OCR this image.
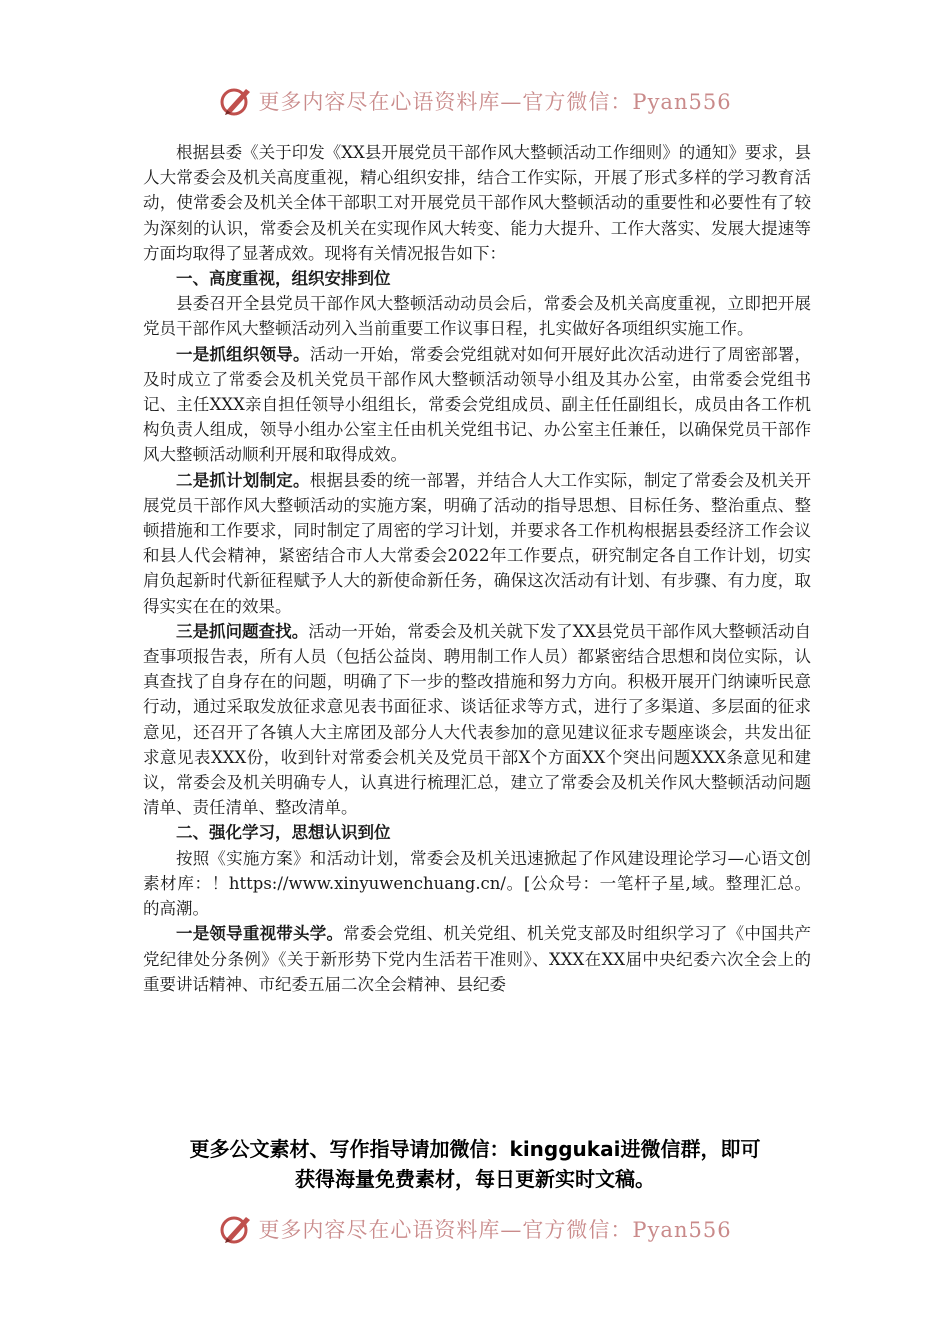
更多内容尽在心语资料库—官方微信：Pyan556

根据县委《关于印发《XX县开展党员干部作风大整顿活动工作细则》的通知》要求，县人大常委会及机关高度重视，精心组织安排，结合工作实际，开展了形式多样的学习教育活动，使常委会及机关全体干部职工对开展党员干部作风大整顿活动的重要性和必要性有了较为深刻的认识，常委会及机关在实现作风大转变、能力大提升、工作大落实、发展大提速等方面均取得了显著成效。现将有关情况报告如下：

一、高度重视，组织安排到位

县委召开全县党员干部作风大整顿活动动员会后，常委会及机关高度重视，立即把开展党员干部作风大整顿活动列入当前重要工作议事日程，扎实做好各项组织实施工作。

一是抓组织领导。活动一开始，常委会党组就对如何开展好此次活动进行了周密部署，及时成立了常委会及机关党员干部作风大整顿活动领导小组及其办公室，由常委会党组书记、主任XXX亲自担任领导小组组长，常委会党组成员、副主任任副组长，成员由各工作机构负责人组成，领导小组办公室主任由机关党组书记、办公室主任兼任，以确保党员干部作风大整顿活动顺利开展和取得成效。

二是抓计划制定。根据县委的统一部署，并结合人大工作实际，制定了常委会及机关开展党员干部作风大整顿活动的实施方案，明确了活动的指导思想、目标任务、整治重点、整顿措施和工作要求，同时制定了周密的学习计划，并要求各工作机构根据县委经济工作会议和县人代会精神，紧密结合市人大常委会2022年工作要点，研究制定各自工作计划，切实肩负起新时代新征程赋予人大的新使命新任务，确保这次活动有计划、有步骤、有力度，取得实实在在的效果。

三是抓问题查找。活动一开始，常委会及机关就下发了XX县党员干部作风大整顿活动自查事项报告表，所有人员（包括公益岗、聘用制工作人员）都紧密结合思想和岗位实际，认真查找了自身存在的问题，明确了下一步的整改措施和努力方向。积极开展开门纳谏听民意行动，通过采取发放征求意见表书面征求、谈话征求等方式，进行了多渠道、多层面的征求意见，还召开了各镇人大主席团及部分人大代表参加的意见建议征求专题座谈会，共发出征求意见表XXX份，收到针对常委会机关及党员干部X个方面XX个突出问题XXX条意见和建议，常委会及机关明确专人，认真进行梳理汇总，建立了常委会及机关作风大整顿活动问题清单、责任清单、整改清单。

二、强化学习，思想认识到位

按照《实施方案》和活动计划，常委会及机关迅速掀起了作风建设理论学习—心语文创素材库：！https://www.xinyuwenchuang.cn/。[公众号：一笔杆子星,域。整理汇总。的高潮。

一是领导重视带头学。常委会党组、机关党组、机关党支部及时组织学习了《中国共产党纪律处分条例》《关于新形势下党内生活若干准则》、XXX在XX届中央纪委六次全会上的重要讲话精神、市纪委五届二次全会精神、县纪委

更多公文素材、写作指导请加微信：kinggukai进微信群，即可
获得海量免费素材，每日更新实时文稿。
更多内容尽在心语资料库—官方微信：Pyan556
